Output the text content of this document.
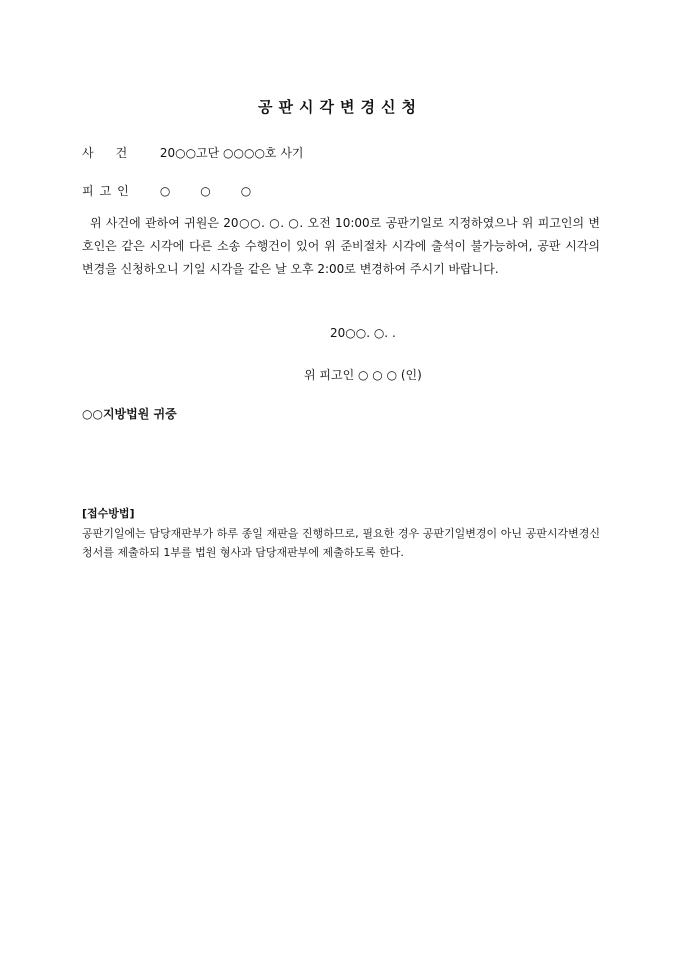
공판시각변경신청
사건 20○○고단 ○○○○호 사기
피고인 ○○○
위 사건에 관하여 귀원은 20○○. ○. ○. 오전 10:00로 공판기일로 지정하였으나 위 피고인의 변호인은 같은 시각에 다른 소송 수행건이 있어 위 준비절차 시각에 출석이 불가능하여, 공판 시각의 변경을 신청하오니 기일 시각을 같은 날 오후 2:00로 변경하여 주시기 바랍니다.
20○○. ○. .
위 피고인 ○ ○ ○ (인)
○○지방법원 귀중
[접수방법]
공판기일에는 담당재판부가 하루 종일 재판을 진행하므로, 필요한 경우 공판기일변경이 아닌 공판시각변경신청서를 제출하되 1부를 법원 형사과 담당재판부에 제출하도록 한다.
